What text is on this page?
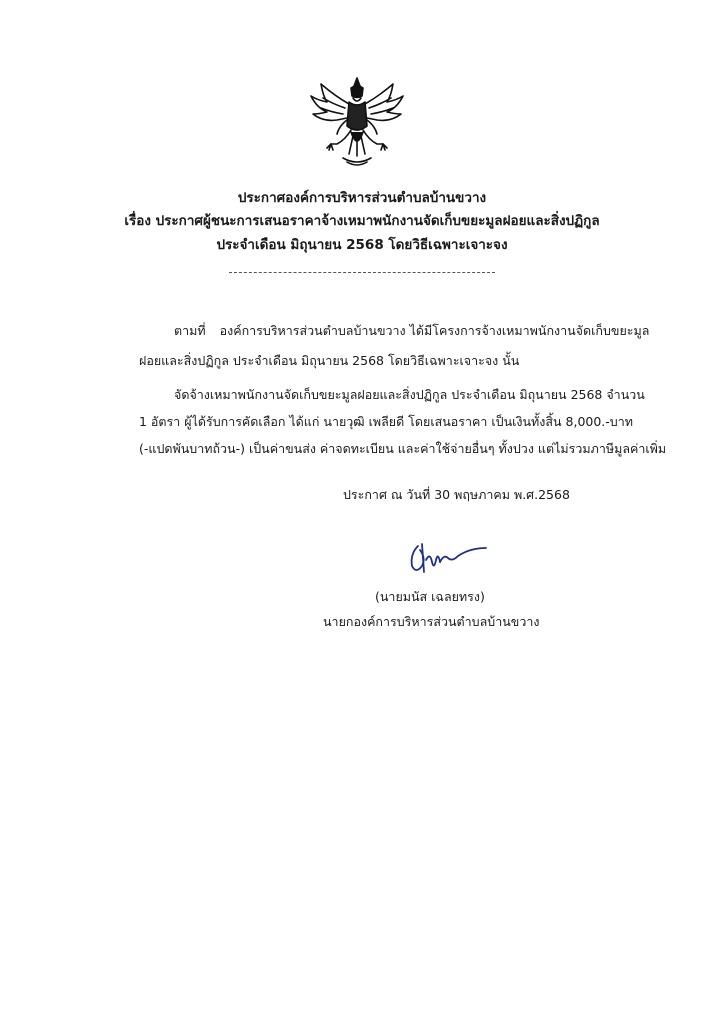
ประกาศองค์การบริหารส่วนตำบลบ้านขวาง
เรื่อง ประกาศผู้ชนะการเสนอราคาจ้างเหมาพนักงานจัดเก็บขยะมูลฝอยและสิ่งปฏิกูล
ประจำเดือน มิถุนายน 2568 โดยวิธีเฉพาะเจาะจง
ตามที่ องค์การบริหารส่วนตำบลบ้านขวาง ได้มีโครงการจ้างเหมาพนักงานจัดเก็บขยะมูล
ฝอยและสิ่งปฏิกูล ประจำเดือน มิถุนายน 2568 โดยวิธีเฉพาะเจาะจง นั้น
จัดจ้างเหมาพนักงานจัดเก็บขยะมูลฝอยและสิ่งปฏิกูล ประจำเดือน มิถุนายน 2568 จำนวน
1 อัตรา ผู้ได้รับการคัดเลือก ได้แก่ นายวุฒิ เพลียดี โดยเสนอราคา เป็นเงินทั้งสิ้น 8,000.-บาท
(-แปดพันบาทถ้วน-) เป็นค่าขนส่ง ค่าจดทะเบียน และค่าใช้จ่ายอื่นๆ ทั้งปวง แต่ไม่รวมภาษีมูลค่าเพิ่ม
ประกาศ ณ วันที่ 30 พฤษภาคม พ.ศ.2568
(นายมนัส เฉลยทรง)
นายกองค์การบริหารส่วนตำบลบ้านขวาง
